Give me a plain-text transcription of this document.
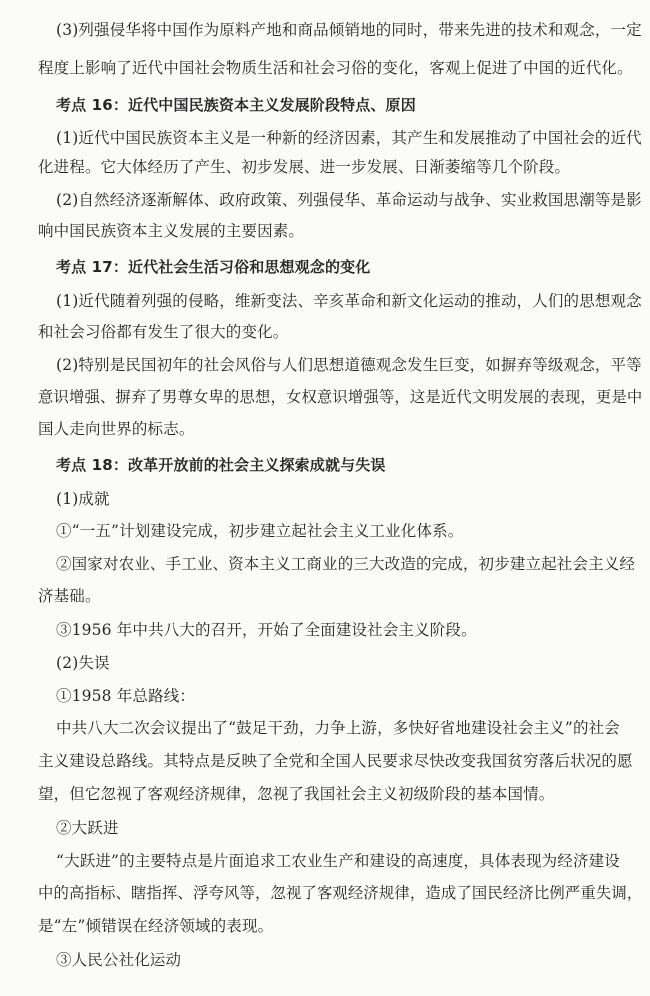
(3)列强侵华将中国作为原料产地和商品倾销地的同时，带来先进的技术和观念，一定
程度上影响了近代中国社会物质生活和社会习俗的变化，客观上促进了中国的近代化。
考点 16：近代中国民族资本主义发展阶段特点、原因
(1)近代中国民族资本主义是一种新的经济因素，其产生和发展推动了中国社会的近代
化进程。它大体经历了产生、初步发展、进一步发展、日渐萎缩等几个阶段。
(2)自然经济逐渐解体、政府政策、列强侵华、革命运动与战争、实业救国思潮等是影
响中国民族资本主义发展的主要因素。
考点 17：近代社会生活习俗和思想观念的变化
(1)近代随着列强的侵略，维新变法、辛亥革命和新文化运动的推动，人们的思想观念
和社会习俗都有发生了很大的变化。
(2)特别是民国初年的社会风俗与人们思想道德观念发生巨变，如摒弃等级观念，平等
意识增强、摒弃了男尊女卑的思想，女权意识增强等，这是近代文明发展的表现，更是中
国人走向世界的标志。
考点 18：改革开放前的社会主义探索成就与失误
(1)成就
①“一五”计划建设完成，初步建立起社会主义工业化体系。
②国家对农业、手工业、资本主义工商业的三大改造的完成，初步建立起社会主义经
济基础。
③1956 年中共八大的召开，开始了全面建设社会主义阶段。
(2)失误
①1958 年总路线：
中共八大二次会议提出了“鼓足干劲，力争上游，多快好省地建设社会主义”的社会
主义建设总路线。其特点是反映了全党和全国人民要求尽快改变我国贫穷落后状况的愿
望，但它忽视了客观经济规律，忽视了我国社会主义初级阶段的基本国情。
②大跃进
“大跃进”的主要特点是片面追求工农业生产和建设的高速度，具体表现为经济建设
中的高指标、瞎指挥、浮夸风等，忽视了客观经济规律，造成了国民经济比例严重失调，
是“左”倾错误在经济领域的表现。
③人民公社化运动
